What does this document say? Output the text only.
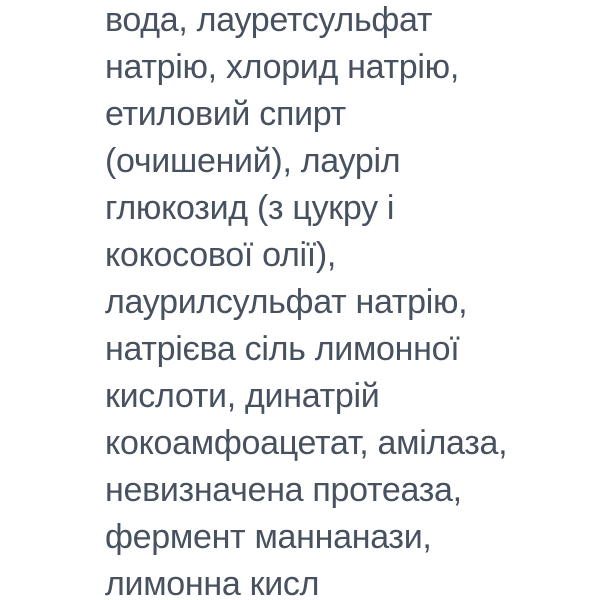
вода, лауретсульфат
натрію, хлорид натрію,
етиловий спирт
(очишений), лауріл
глюкозид (з цукру і
кокосової олії),
лаурилсульфат натрію,
натрієва сіль лимонної
кислоти, динатрій
кокоамфоацетат, амілаза,
невизначена протеаза,
фермент маннанази,
лимонна кисл
